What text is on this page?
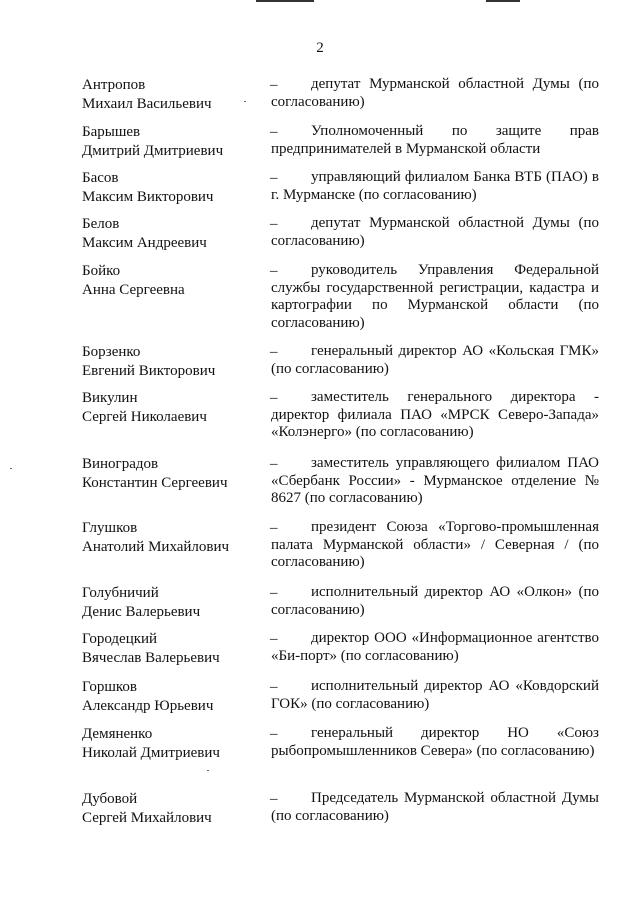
2
Антропов
Михаил Васильевич
–	депутат Мурманской областной Думы (по согласованию)
Барышев
Дмитрий Дмитриевич
–	Уполномоченный по защите прав предпринимателей в Мурманской области
Басов
Максим Викторович
–	управляющий филиалом Банка ВТБ (ПАО) в г. Мурманске (по согласованию)
Белов
Максим Андреевич
–	депутат Мурманской областной Думы (по согласованию)
Бойко
Анна Сергеевна
–	руководитель Управления Федеральной службы государственной регистрации, кадастра и картографии по Мурманской области (по согласованию)
Борзенко
Евгений Викторович
–	генеральный директор АО «Кольская ГМК» (по согласованию)
Викулин
Сергей Николаевич
–	заместитель генерального директора - директор филиала ПАО «МРСК Северо-Запада» «Колэнерго» (по согласованию)
Виноградов
Константин Сергеевич
–	заместитель управляющего филиалом ПАО «Сбербанк России» - Мурманское отделение № 8627 (по согласованию)
Глушков
Анатолий Михайлович
–	президент Союза «Торгово-промышленная палата Мурманской области» / Северная / (по согласованию)
Голубничий
Денис Валерьевич
–	исполнительный директор АО «Олкон» (по согласованию)
Городецкий
Вячеслав Валерьевич
–	директор ООО «Информационное агентство «Би-порт» (по согласованию)
Горшков
Александр Юрьевич
–	исполнительный директор АО «Ковдорский ГОК» (по согласованию)
Демяненко
Николай Дмитриевич
–	генеральный директор НО «Союз рыбопромышленников Севера» (по согласованию)
Дубовой
Сергей Михайлович
–	Председатель Мурманской областной Думы (по согласованию)
